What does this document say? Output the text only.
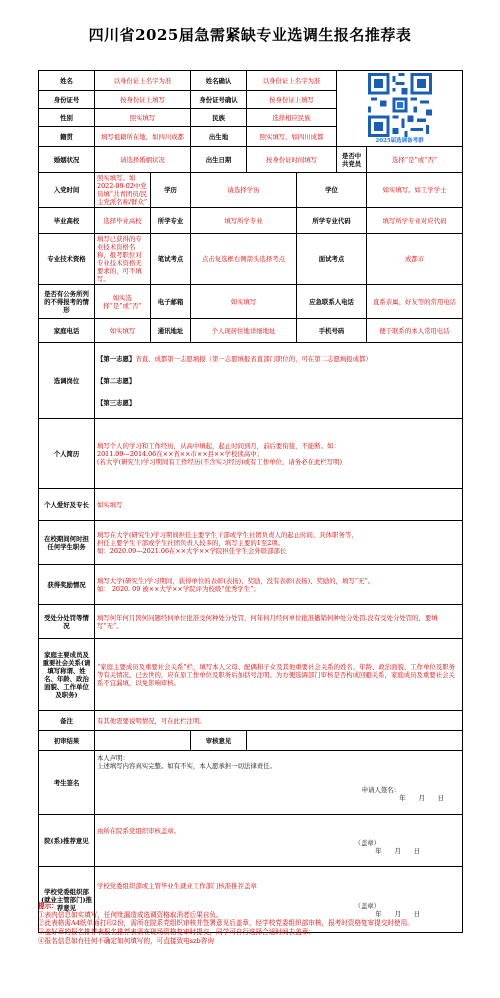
四川省2025届急需紧缺专业选调生报名推荐表
姓名	以身份证上名字为准		姓名确认	以身份证上名字为准		2025届选调备考群	

身份证号	按身份证上填写		身份证号确认	按身份证上填写			
性别	照实填写		民族	选择相应民族			
籍贯	填写祖籍所在地，如四川成都		出生地	照实填写，如四川成都			
婚姻状况	请选择婚姻状况		出生日期	按身份证时间填写		是否中共党员	选择“是”或“否”
入党时间	照实填写。如2022-09-02中党员填“共青团员/民主党派名称/群众”	学历	请选择学历		学位		如实填写。如工学学士
毕业高校	选择毕业高校	所学专业	填写所学专业		所学专业代码		填写所学专业对应代码
专业技术资格	填写已获得的专业技术资格名称，报考职位对专业技术资格无要求的，可不填写。	笔试考点	点击复选框右侧箭头选择考点		面试考点		成都市
是否有公务所列的不得报考的情形	如实选择“是”或“否”	电子邮箱	如实填写		应急联系人电话		直系亲属、好友等的常用电话
家庭电话	如实填写	通讯地址	个人现居住地详细地址		手机号码		便于联系的本人常用电话
选调岗位	【第一志愿】省直、成都第一志愿填报（第一志愿填报省直部门职位的，可在第二志愿填报成都）
【第二志愿】
【第三志愿】						

个人简历	填写个人的学习和工作经历，从高中填起，起止时间到月，前后要衔接，不能断。如：
2011.09—2014.06在××省××市××县××学校读高中；
(若大学(研究生)学习期间有工作经历(不含实习经历)或有工作单位，请务必在此栏写明)						

个人爱好及专长	如实填写						
在校期间何时担任何学生职务	填写在大学(研究生)学习期间担任主要学生干部或学生社团负责人的起止时间、具体职务等，
担任主要学生干部或学生社团负责人较多的，填写主要的1至2项。
如：2020.09—2021.06在××大学××学院担任学生会外联部部长						

获得奖励情况	填写大学(研究生)学习期间，获得单位的表彰(表扬)、奖励，没有表彰(表扬)、奖励的，填写“无”。
如： 2020. 09 被××大学××学院评为校级“优秀学生”；						

受处分处罚等情况	填写何年何月因何问题经何单位批准受何种处分处罚，何年何月经何单位批准撤销何种处分处罚.没有受处分处罚的，要填写“无”。						
家庭主要成员及重要社会关系(请填写称谓、姓名、年龄、政治面貌、工作单位及职务)	“家庭主要成员及重要社会关系”栏，填写本人父母、配偶和子女及其他重要社会关系的姓名、年龄、政治面貌、工作单位及职务等有关情况。已去世的，应在原工作单位及职务后加括号注明。为方便选调部门审核是否构成回避关系，家庭成员及重要社会关系不宜漏填，以免影响审核。						
备注	有其他需要说明情况，可在此栏注明。						
初审结果			审核意见				
考生签名	本人声明：
上述填写内容真实完整。如有不实，本人愿承担一切法律责任。
申请人签名：
年　　月　　日						

院(系)推荐意见	由所在院系党组织审核盖章。
（盖章）
年　　月　　日						

学校党委组织部(就业主管部门)推荐意见	学校党委组织部或主管毕业生就业工作部门核准推荐盖章
（盖章）
年　　月　　日						
提示：
①表内信息如实填写，任何纰漏造成选调资格取消者后果自负。
②此表格需A4纸单面打印2份，需所在院系党组织审核并签署意见后盖章，经学校党委组织部审核，报考时资格复审提交时使用。
③盖好章的报名推荐表报名推荐表需在现场资格复审时提交，同学可自行选择合适时间去盖章；
④报名信息如有任何不确定如何填写的，可直接致电szb咨询
